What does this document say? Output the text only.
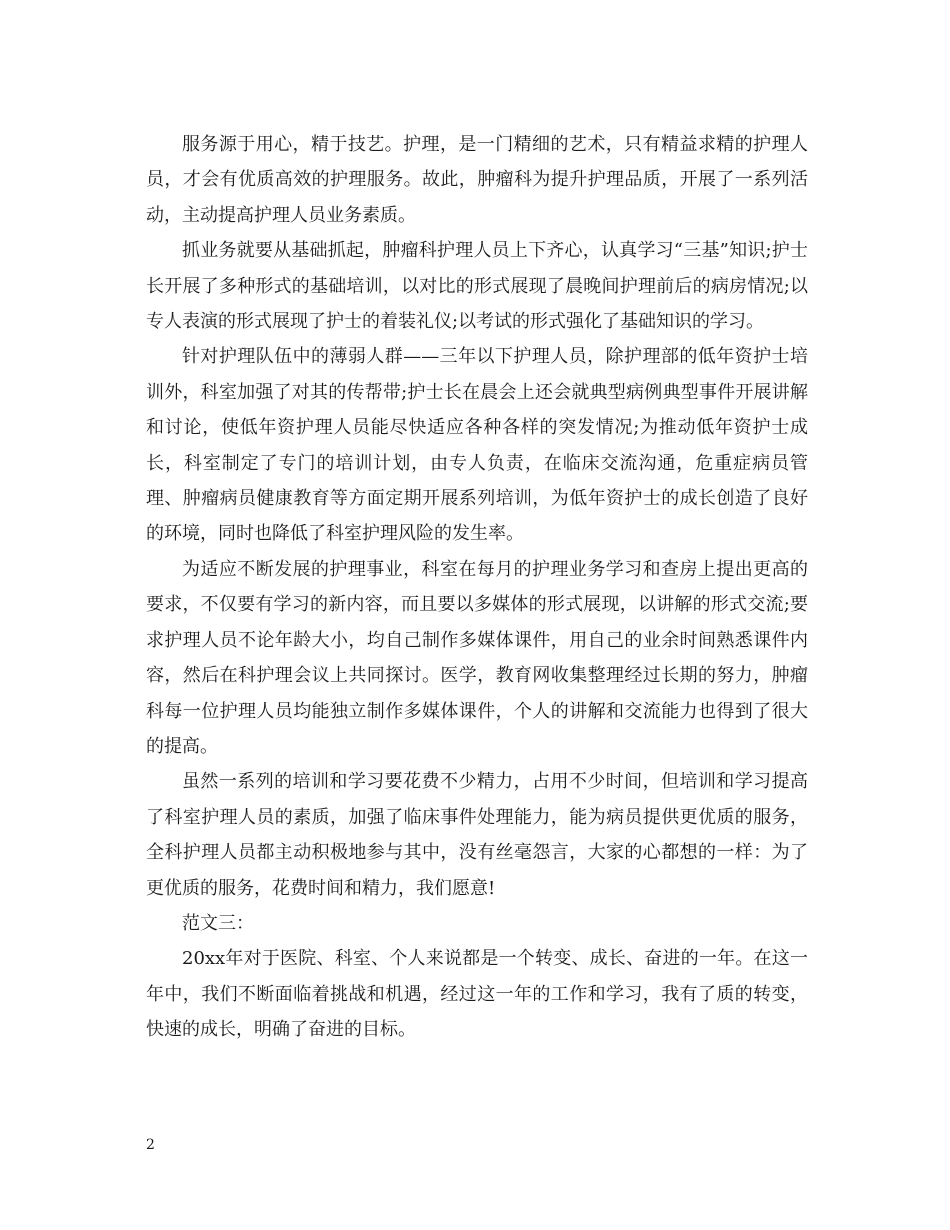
服务源于用心，精于技艺。护理，是一门精细的艺术，只有精益求精的护理人员，才会有优质高效的护理服务。故此，肿瘤科为提升护理品质，开展了一系列活动，主动提高护理人员业务素质。

抓业务就要从基础抓起，肿瘤科护理人员上下齐心，认真学习“三基”知识;护士长开展了多种形式的基础培训，以对比的形式展现了晨晚间护理前后的病房情况;以专人表演的形式展现了护士的着装礼仪;以考试的形式强化了基础知识的学习。

针对护理队伍中的薄弱人群——三年以下护理人员，除护理部的低年资护士培训外，科室加强了对其的传帮带;护士长在晨会上还会就典型病例典型事件开展讲解和讨论，使低年资护理人员能尽快适应各种各样的突发情况;为推动低年资护士成长，科室制定了专门的培训计划，由专人负责，在临床交流沟通，危重症病员管理、肿瘤病员健康教育等方面定期开展系列培训，为低年资护士的成长创造了良好的环境，同时也降低了科室护理风险的发生率。

为适应不断发展的护理事业，科室在每月的护理业务学习和查房上提出更高的要求，不仅要有学习的新内容，而且要以多媒体的形式展现，以讲解的形式交流;要求护理人员不论年龄大小，均自己制作多媒体课件，用自己的业余时间熟悉课件内容，然后在科护理会议上共同探讨。医学，教育网收集整理经过长期的努力，肿瘤科每一位护理人员均能独立制作多媒体课件，个人的讲解和交流能力也得到了很大的提高。

虽然一系列的培训和学习要花费不少精力，占用不少时间，但培训和学习提高了科室护理人员的素质，加强了临床事件处理能力，能为病员提供更优质的服务，全科护理人员都主动积极地参与其中，没有丝毫怨言，大家的心都想的一样：为了更优质的服务，花费时间和精力，我们愿意!

范文三：

20xx年对于医院、科室、个人来说都是一个转变、成长、奋进的一年。在这一年中，我们不断面临着挑战和机遇，经过这一年的工作和学习，我有了质的转变，快速的成长，明确了奋进的目标。

2
